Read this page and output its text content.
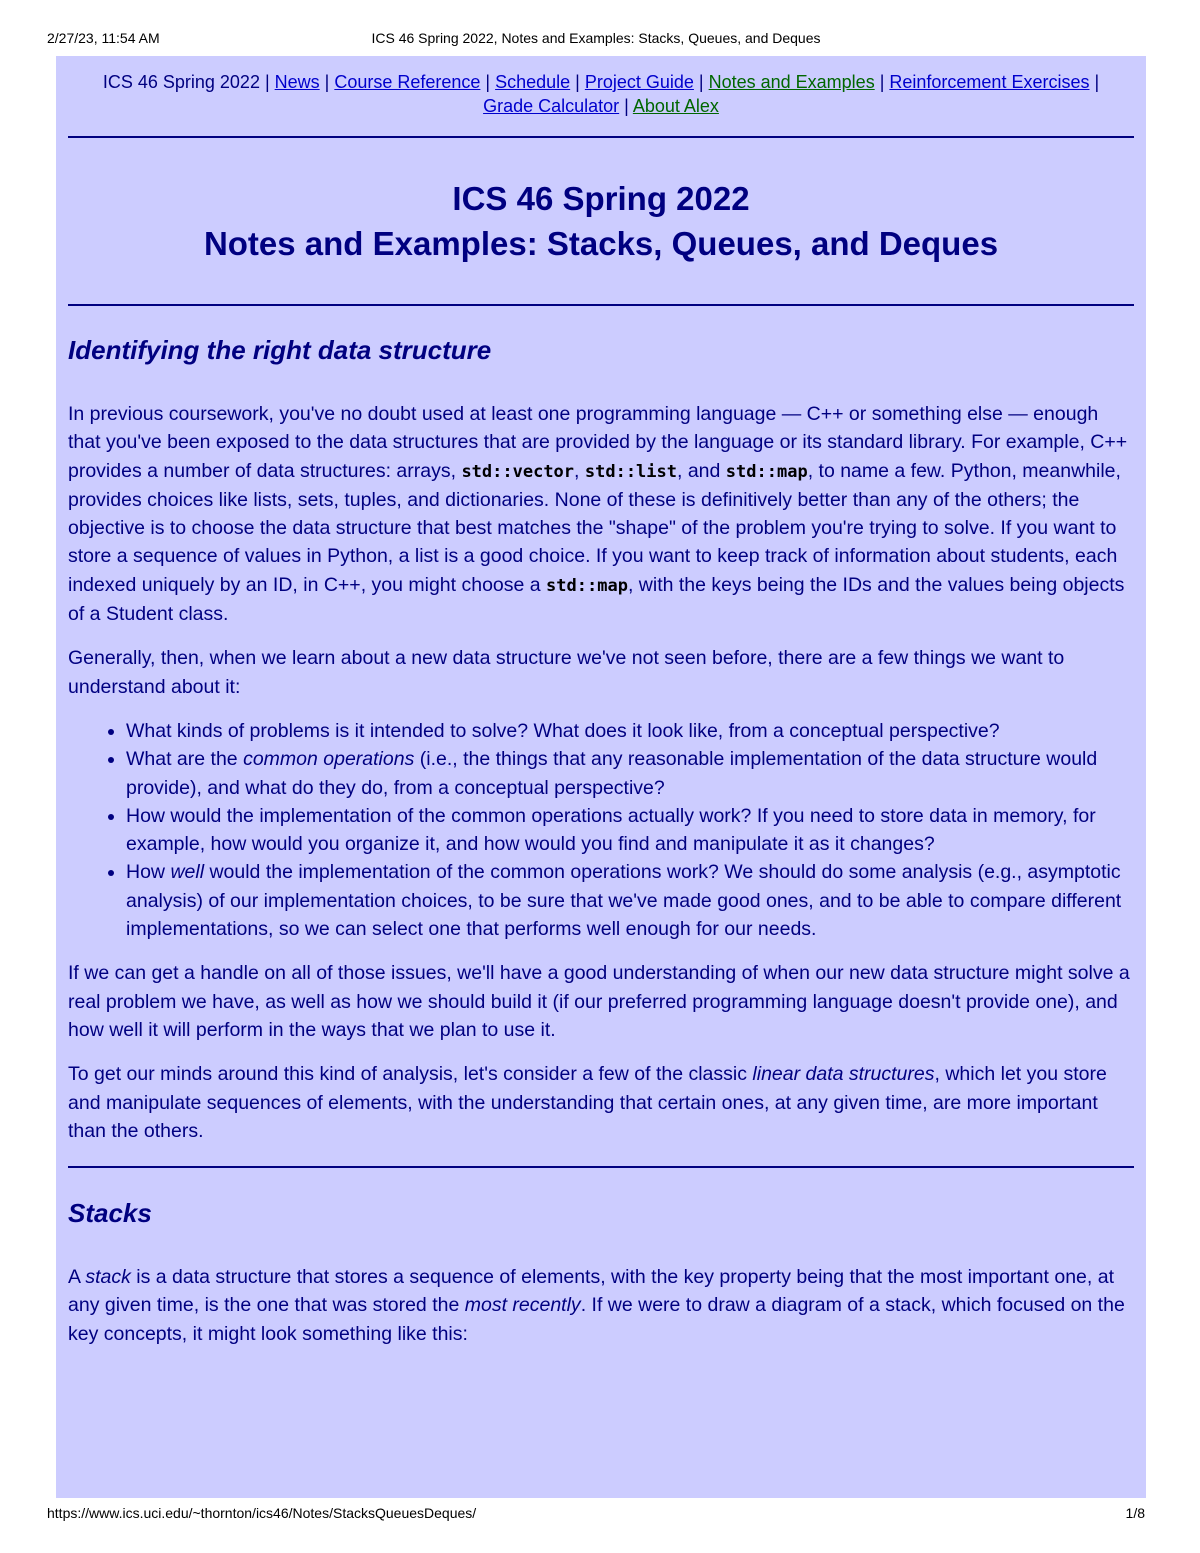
2/27/23, 11:54 AM	ICS 46 Spring 2022, Notes and Examples: Stacks, Queues, and Deques
ICS 46 Spring 2022 | News | Course Reference | Schedule | Project Guide | Notes and Examples | Reinforcement Exercises | Grade Calculator | About Alex
ICS 46 Spring 2022
Notes and Examples: Stacks, Queues, and Deques
Identifying the right data structure

In previous coursework, you've no doubt used at least one programming language — C++ or something else — enough that you've been exposed to the data structures that are provided by the language or its standard library. For example, C++ provides a number of data structures: arrays, std::vector, std::list, and std::map, to name a few. Python, meanwhile, provides choices like lists, sets, tuples, and dictionaries. None of these is definitively better than any of the others; the objective is to choose the data structure that best matches the "shape" of the problem you're trying to solve. If you want to store a sequence of values in Python, a list is a good choice. If you want to keep track of information about students, each indexed uniquely by an ID, in C++, you might choose a std::map, with the keys being the IDs and the values being objects of a Student class.

Generally, then, when we learn about a new data structure we've not seen before, there are a few things we want to understand about it:

• What kinds of problems is it intended to solve? What does it look like, from a conceptual perspective?
• What are the common operations (i.e., the things that any reasonable implementation of the data structure would provide), and what do they do, from a conceptual perspective?
• How would the implementation of the common operations actually work? If you need to store data in memory, for example, how would you organize it, and how would you find and manipulate it as it changes?
• How well would the implementation of the common operations work? We should do some analysis (e.g., asymptotic analysis) of our implementation choices, to be sure that we've made good ones, and to be able to compare different implementations, so we can select one that performs well enough for our needs.

If we can get a handle on all of those issues, we'll have a good understanding of when our new data structure might solve a real problem we have, as well as how we should build it (if our preferred programming language doesn't provide one), and how well it will perform in the ways that we plan to use it.

To get our minds around this kind of analysis, let's consider a few of the classic linear data structures, which let you store and manipulate sequences of elements, with the understanding that certain ones, at any given time, are more important than the others.

Stacks

A stack is a data structure that stores a sequence of elements, with the key property being that the most important one, at any given time, is the one that was stored the most recently. If we were to draw a diagram of a stack, which focused on the key concepts, it might look something like this:

https://www.ics.uci.edu/~thornton/ics46/Notes/StacksQueuesDeques/	1/8
